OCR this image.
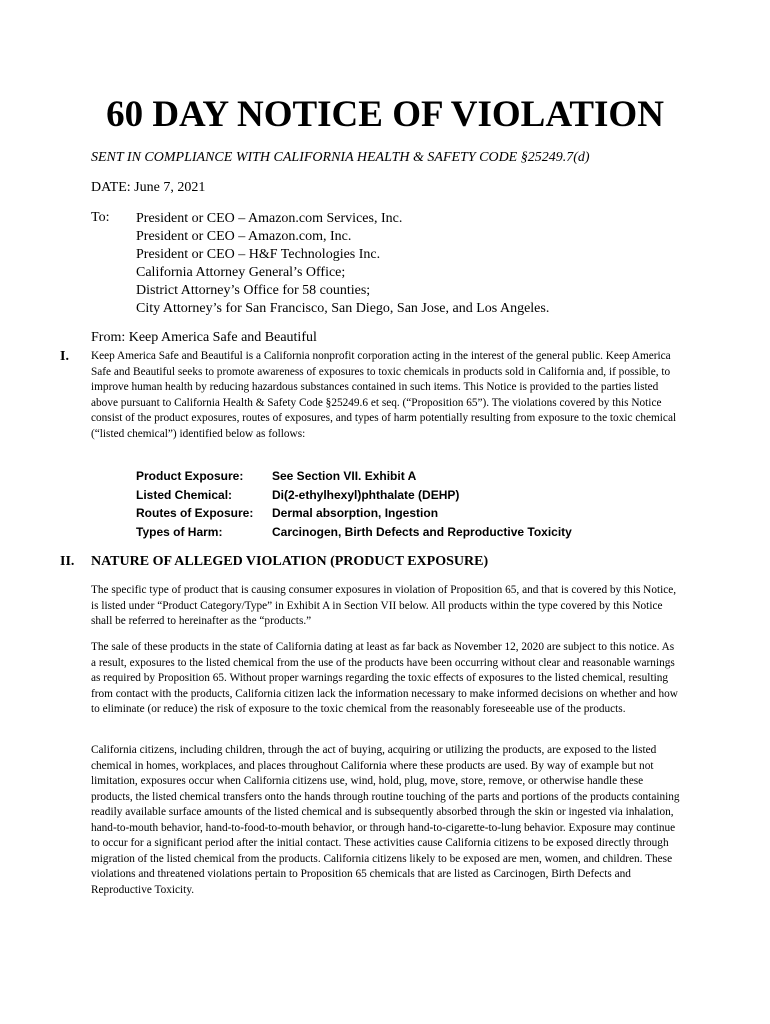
60 DAY NOTICE OF VIOLATION
SENT IN COMPLIANCE WITH CALIFORNIA HEALTH & SAFETY CODE §25249.7(d)
DATE: June 7, 2021
To: President or CEO – Amazon.com Services, Inc.
President or CEO – Amazon.com, Inc.
President or CEO – H&F Technologies Inc.
California Attorney General’s Office;
District Attorney’s Office for 58 counties;
City Attorney’s for San Francisco, San Diego, San Jose, and Los Angeles.
From: Keep America Safe and Beautiful
I. Keep America Safe and Beautiful is a California nonprofit corporation acting in the interest of the general public. Keep America Safe and Beautiful seeks to promote awareness of exposures to toxic chemicals in products sold in California and, if possible, to improve human health by reducing hazardous substances contained in such items. This Notice is provided to the parties listed above pursuant to California Health & Safety Code §25249.6 et seq. (“Proposition 65”). The violations covered by this Notice consist of the product exposures, routes of exposures, and types of harm potentially resulting from exposure to the toxic chemical (“listed chemical”) identified below as follows:

Product Exposure:	See Section VII. Exhibit A
Listed Chemical:	Di(2-ethylhexyl)phthalate (DEHP)
Routes of Exposure:	Dermal absorption, Ingestion
Types of Harm:	Carcinogen, Birth Defects and Reproductive Toxicity
II. NATURE OF ALLEGED VIOLATION (PRODUCT EXPOSURE)

The specific type of product that is causing consumer exposures in violation of Proposition 65, and that is covered by this Notice, is listed under “Product Category/Type” in Exhibit A in Section VII below. All products within the type covered by this Notice shall be referred to hereinafter as the “products.”

The sale of these products in the state of California dating at least as far back as November 12, 2020 are subject to this notice. As a result, exposures to the listed chemical from the use of the products have been occurring without clear and reasonable warnings as required by Proposition 65. Without proper warnings regarding the toxic effects of exposures to the listed chemical, resulting from contact with the products, California citizen lack the information necessary to make informed decisions on whether and how to eliminate (or reduce) the risk of exposure to the toxic chemical from the reasonably foreseeable use of the products.

California citizens, including children, through the act of buying, acquiring or utilizing the products, are exposed to the listed chemical in homes, workplaces, and places throughout California where these products are used. By way of example but not limitation, exposures occur when California citizens use, wind, hold, plug, move, store, remove, or otherwise handle these products, the listed chemical transfers onto the hands through routine touching of the parts and portions of the products containing readily available surface amounts of the listed chemical and is subsequently absorbed through the skin or ingested via inhalation, hand-to-mouth behavior, hand-to-food-to-mouth behavior, or through hand-to-cigarette-to-lung behavior. Exposure may continue to occur for a significant period after the initial contact. These activities cause California citizens to be exposed directly through migration of the listed chemical from the products. California citizens likely to be exposed are men, women, and children. These violations and threatened violations pertain to Proposition 65 chemicals that are listed as Carcinogen, Birth Defects and Reproductive Toxicity.
